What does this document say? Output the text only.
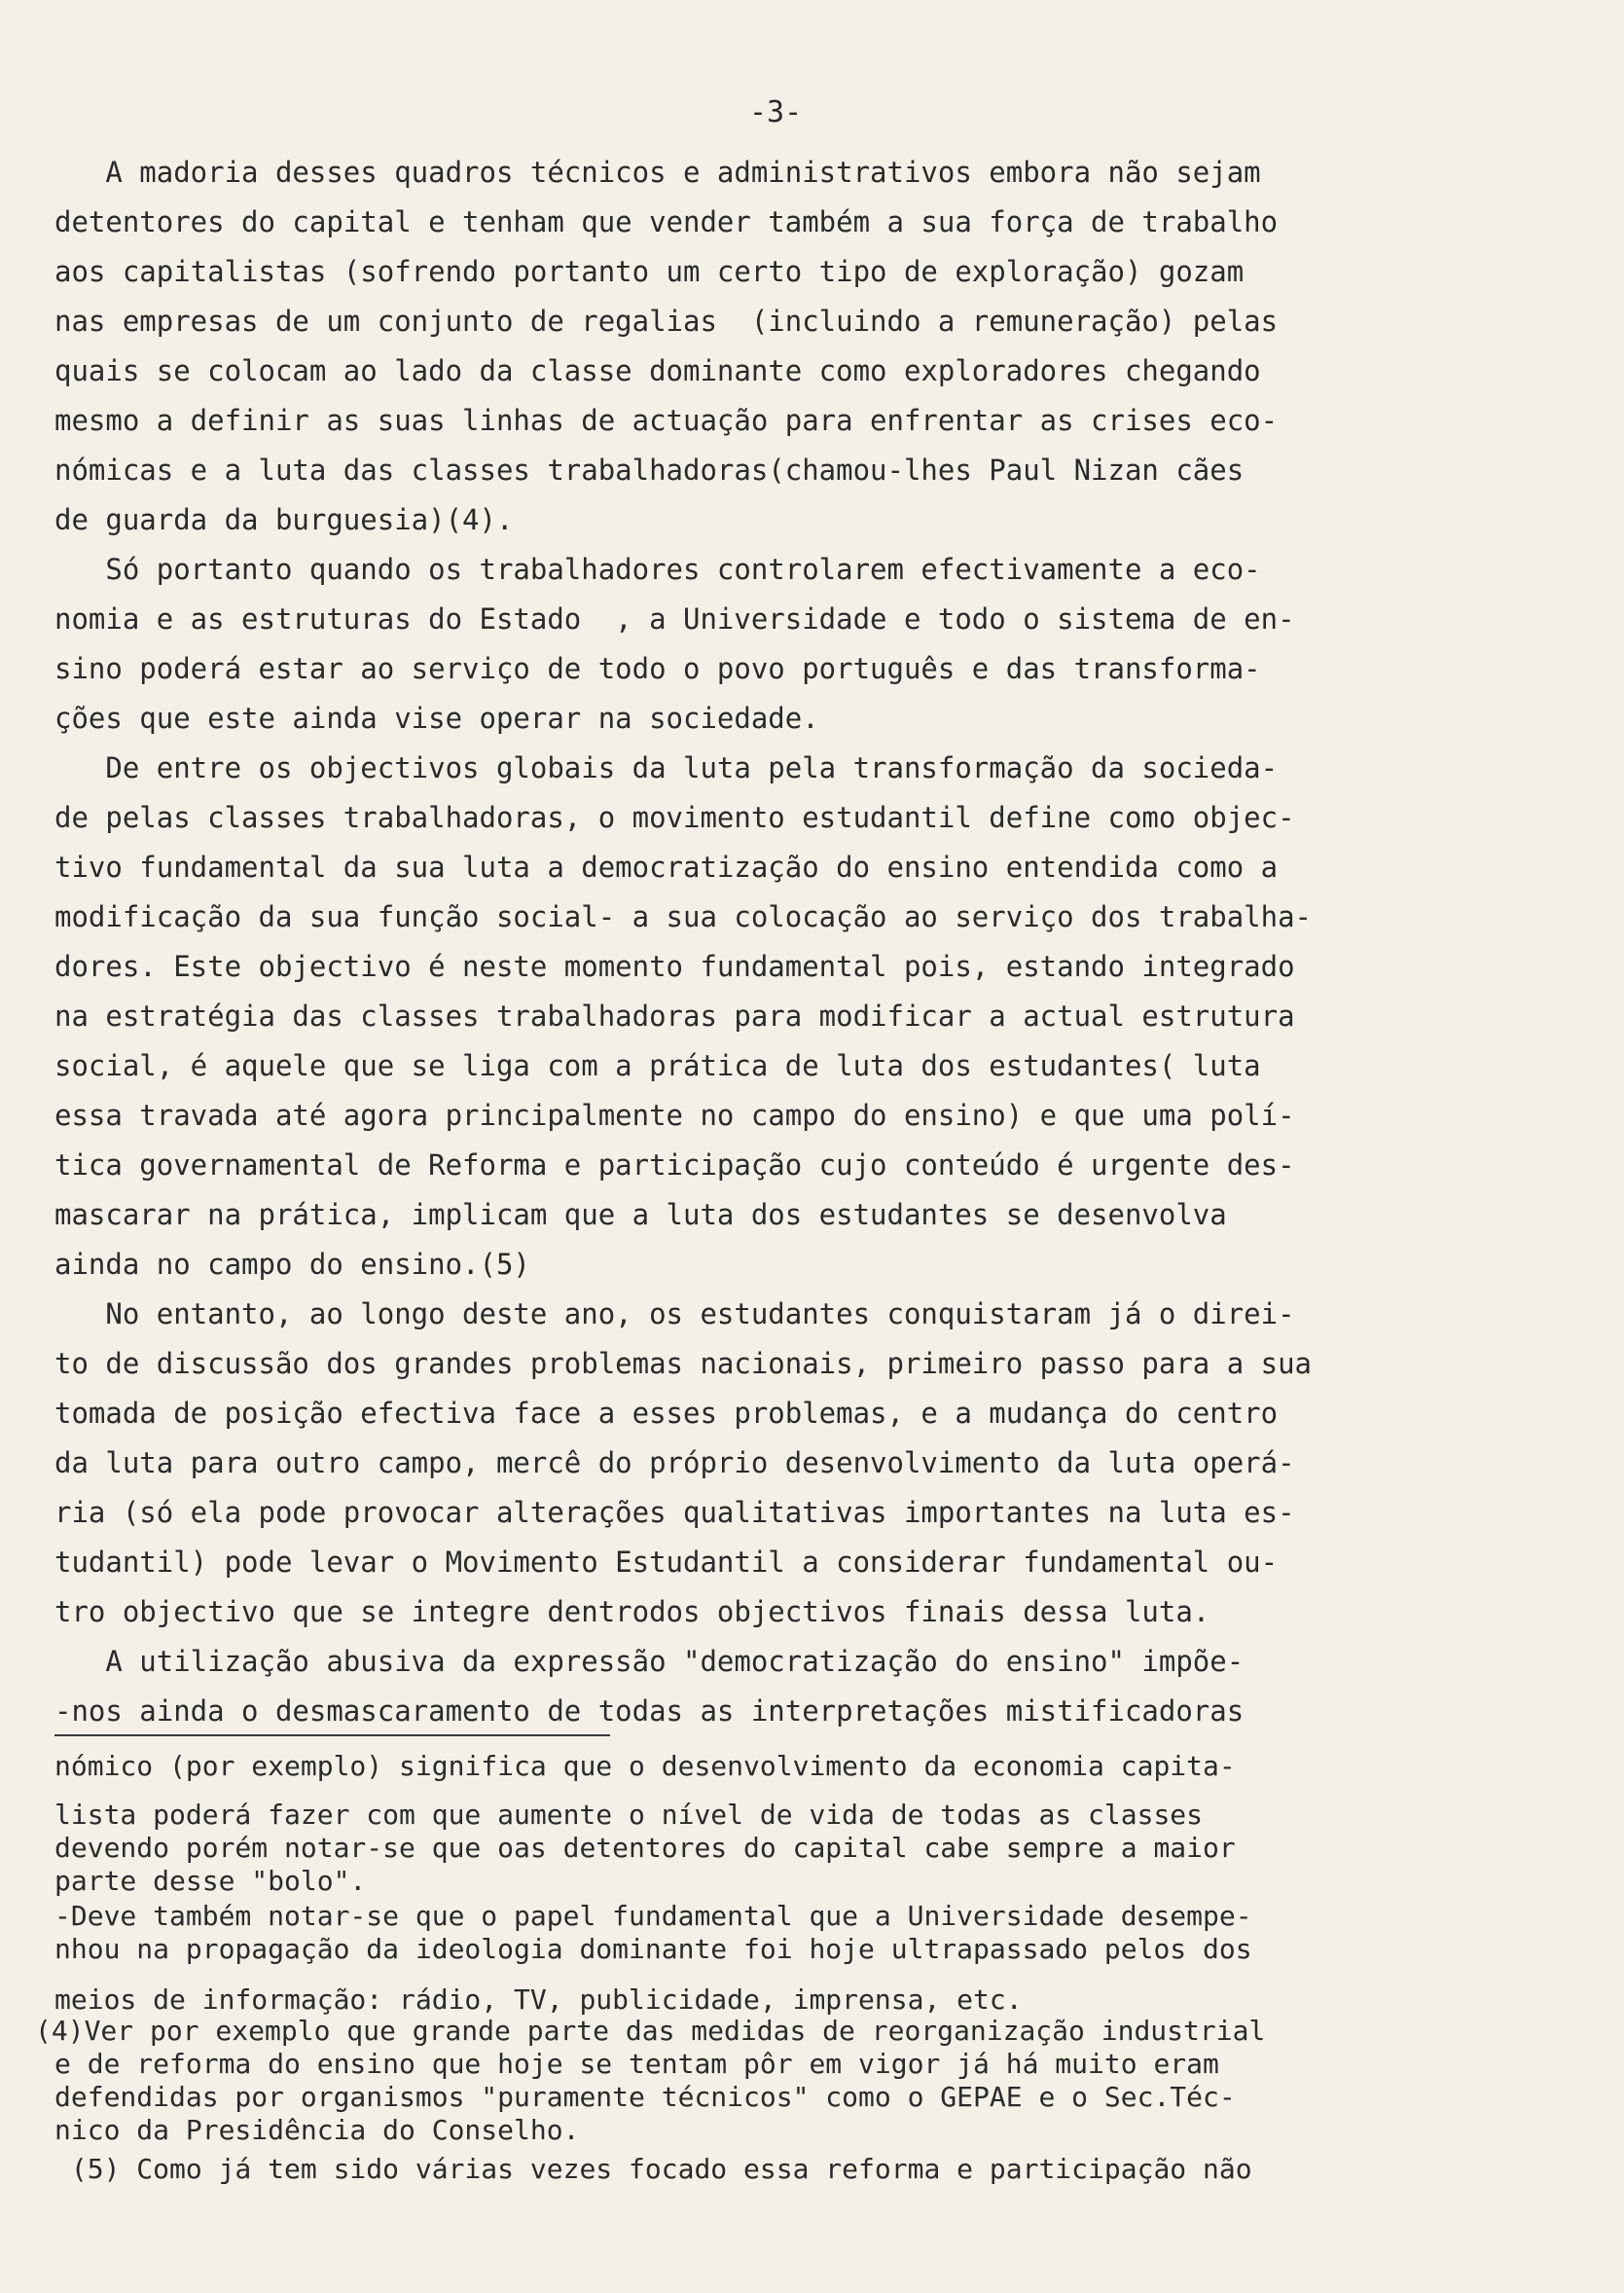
-3-
A madoria desses quadros técnicos e administrativos embora não sejam
detentores do capital e tenham que vender também a sua força de trabalho
aos capitalistas (sofrendo portanto um certo tipo de exploração) gozam
nas empresas de um conjunto de regalias  (incluindo a remuneração) pelas
quais se colocam ao lado da classe dominante como exploradores chegando
mesmo a definir as suas linhas de actuação para enfrentar as crises eco-
nómicas e a luta das classes trabalhadoras(chamou-lhes Paul Nizan cães
de guarda da burguesia)(4).
Só portanto quando os trabalhadores controlarem efectivamente a eco-
nomia e as estruturas do Estado  , a Universidade e todo o sistema de en-
sino poderá estar ao serviço de todo o povo português e das transforma-
ções que este ainda vise operar na sociedade.
De entre os objectivos globais da luta pela transformação da socieda-
de pelas classes trabalhadoras, o movimento estudantil define como objec-
tivo fundamental da sua luta a democratização do ensino entendida como a
modificação da sua função social- a sua colocação ao serviço dos trabalha-
dores. Este objectivo é neste momento fundamental pois, estando integrado
na estratégia das classes trabalhadoras para modificar a actual estrutura
social, é aquele que se liga com a prática de luta dos estudantes( luta
essa travada até agora principalmente no campo do ensino) e que uma polí-
tica governamental de Reforma e participação cujo conteúdo é urgente des-
mascarar na prática, implicam que a luta dos estudantes se desenvolva
ainda no campo do ensino.(5)
No entanto, ao longo deste ano, os estudantes conquistaram já o direi-
to de discussão dos grandes problemas nacionais, primeiro passo para a sua
tomada de posição efectiva face a esses problemas, e a mudança do centro
da luta para outro campo, mercê do próprio desenvolvimento da luta operá-
ria (só ela pode provocar alterações qualitativas importantes na luta es-
tudantil) pode levar o Movimento Estudantil a considerar fundamental ou-
tro objectivo que se integre dentrodos objectivos finais dessa luta.
A utilização abusiva da expressão "democratização do ensino" impõe-
-nos ainda o desmascaramento de todas as interpretações mistificadoras
nómico (por exemplo) significa que o desenvolvimento da economia capita-
lista poderá fazer com que aumente o nível de vida de todas as classes
devendo porém notar-se que oas detentores do capital cabe sempre a maior
parte desse "bolo".
-Deve também notar-se que o papel fundamental que a Universidade desempe-
nhou na propagação da ideologia dominante foi hoje ultrapassado pelos dos
meios de informação: rádio, TV, publicidade, imprensa, etc.
(4)Ver por exemplo que grande parte das medidas de reorganização industrial
e de reforma do ensino que hoje se tentam pôr em vigor já há muito eram
defendidas por organismos "puramente técnicos" como o GEPAE e o Sec.Téc-
nico da Presidência do Conselho.
(5) Como já tem sido várias vezes focado essa reforma e participação não
